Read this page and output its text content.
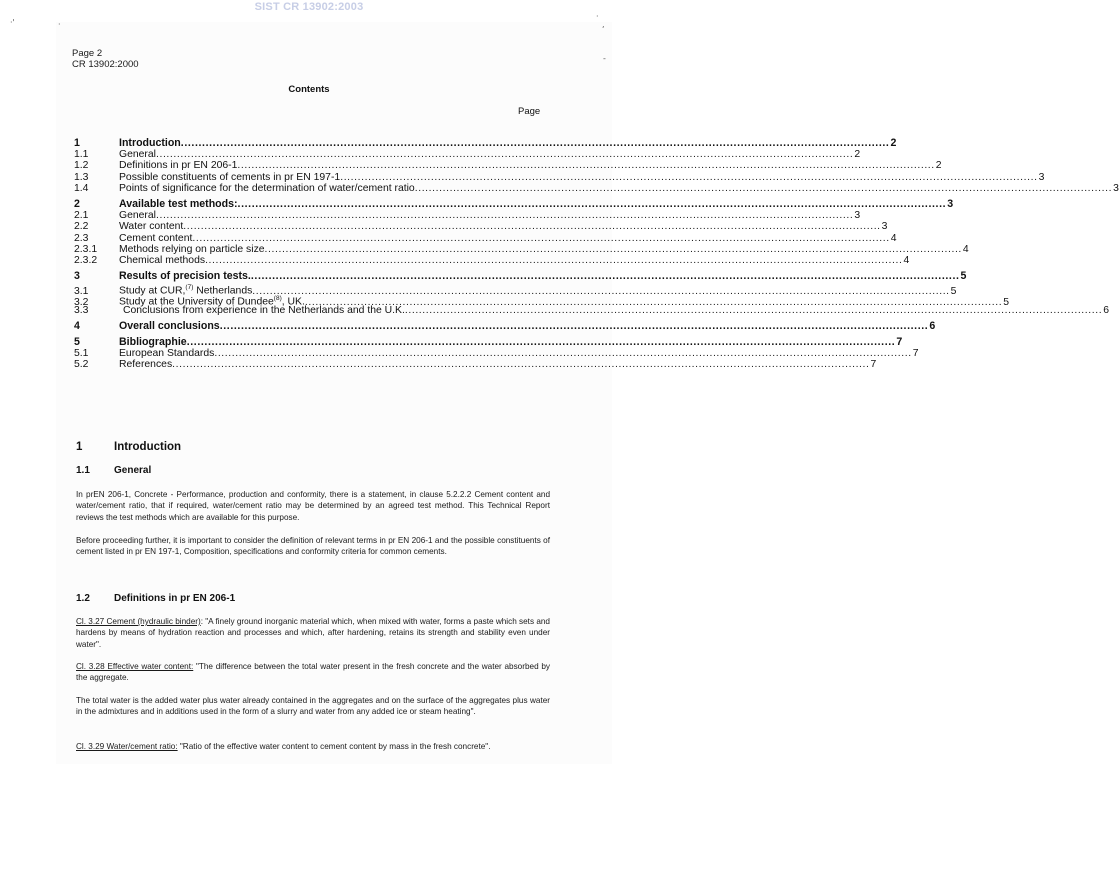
SIST CR 13902:2003
·'	·
·
,
-
Page 2
CR 13902:2000
Contents
Page
1	Introduction ........................................................................................................................................................................................................ 2
1.1	General ........................................................................................................................................................................................................ 2
1.2	Definitions in pr EN 206-1 ........................................................................................................................................................................................................ 2
1.3	Possible constituents of cements in pr EN 197-1 ........................................................................................................................................................................................................ 3
1.4	Points of significance for the determination of water/cement ratio ........................................................................................................................................................................................................ 3
2	Available test methods: ........................................................................................................................................................................................................ 3
2.1	General ........................................................................................................................................................................................................ 3
2.2	Water content ........................................................................................................................................................................................................ 3
2.3	Cement content ........................................................................................................................................................................................................ 4
2.3.1	Methods relying on particle size ........................................................................................................................................................................................................ 4
2.3.2	Chemical methods ........................................................................................................................................................................................................ 4
3	Results of precision tests. ........................................................................................................................................................................................................ 5
3.1	Study at CUR,$^{(7)}$ Netherlands ........................................................................................................................................................................................................ 5
3.2	Study at the University of Dundee$^{(8)}$, UK. ........................................................................................................................................................................................................ 5
3.3	Conclusions from experience in the Netherlands and the U.K. ........................................................................................................................................................................................................ 6
4	Overall conclusions ........................................................................................................................................................................................................ 6
5	Bibliographie ........................................................................................................................................................................................................ 7
5.1	European Standards ........................................................................................................................................................................................................ 7
5.2	References ........................................................................................................................................................................................................ 7
1	Introduction
1.1	General
In prEN 206-1, Concrete - Performance, production and conformity, there is a statement, in clause 5.2.2.2 Cement content and water/cement ratio, that if required, water/cement ratio may be determined by an agreed test method. This Technical Report reviews the test methods which are available for this purpose.
Before proceeding further, it is important to consider the definition of relevant terms in pr EN 206-1 and the possible constituents of cement listed in pr EN 197-1, Composition, specifications and conformity criteria for common cements.
1.2	Definitions in pr EN 206-1
Cl. 3.27 Cement (hydraulic binder): "A finely ground inorganic material which, when mixed with water, forms a paste which sets and hardens by means of hydration reaction and processes and which, after hardening, retains its strength and stability even under water".
Cl. 3.28 Effective water content: "The difference between the total water present in the fresh concrete and the water absorbed by the aggregate.
The total water is the added water plus water already contained in the aggregates and on the surface of the aggregates plus water in the admixtures and in additions used in the form of a slurry and water from any added ice or steam heating".
Cl. 3.29 Water/cement ratio: "Ratio of the effective water content to cement content by mass in the fresh concrete".
